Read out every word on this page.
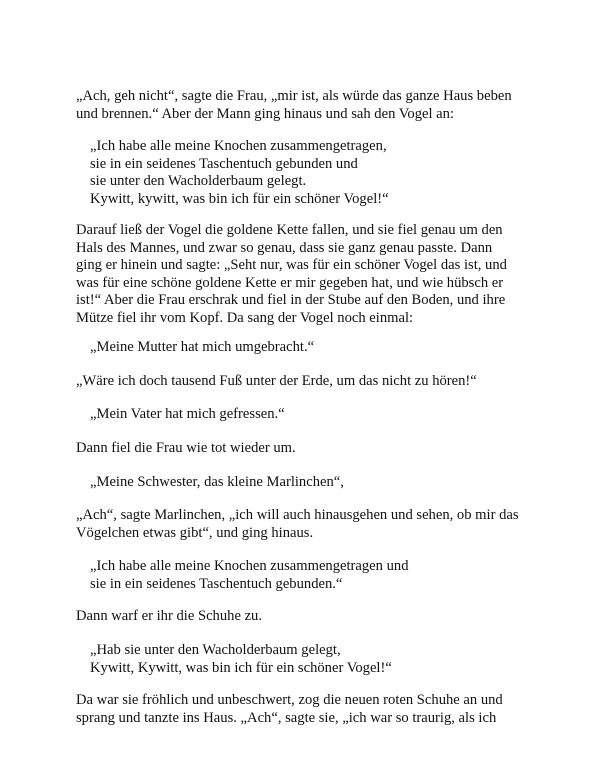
„Ach, geh nicht“, sagte die Frau, „mir ist, als würde das ganze Haus beben
und brennen.“ Aber der Mann ging hinaus und sah den Vogel an:
„Ich habe alle meine Knochen zusammengetragen,
sie in ein seidenes Taschentuch gebunden und
sie unter den Wacholderbaum gelegt.
Kywitt, kywitt, was bin ich für ein schöner Vogel!“
Darauf ließ der Vogel die goldene Kette fallen, und sie fiel genau um den
Hals des Mannes, und zwar so genau, dass sie ganz genau passte. Dann
ging er hinein und sagte: „Seht nur, was für ein schöner Vogel das ist, und
was für eine schöne goldene Kette er mir gegeben hat, und wie hübsch er
ist!“ Aber die Frau erschrak und fiel in der Stube auf den Boden, und ihre
Mütze fiel ihr vom Kopf. Da sang der Vogel noch einmal:
„Meine Mutter hat mich umgebracht.“
„Wäre ich doch tausend Fuß unter der Erde, um das nicht zu hören!“
„Mein Vater hat mich gefressen.“
Dann fiel die Frau wie tot wieder um.
„Meine Schwester, das kleine Marlinchen“,
„Ach“, sagte Marlinchen, „ich will auch hinausgehen und sehen, ob mir das
Vögelchen etwas gibt“, und ging hinaus.
„Ich habe alle meine Knochen zusammengetragen und
sie in ein seidenes Taschentuch gebunden.“
Dann warf er ihr die Schuhe zu.
„Hab sie unter den Wacholderbaum gelegt,
Kywitt, Kywitt, was bin ich für ein schöner Vogel!“
Da war sie fröhlich und unbeschwert, zog die neuen roten Schuhe an und
sprang und tanzte ins Haus. „Ach“, sagte sie, „ich war so traurig, als ich
